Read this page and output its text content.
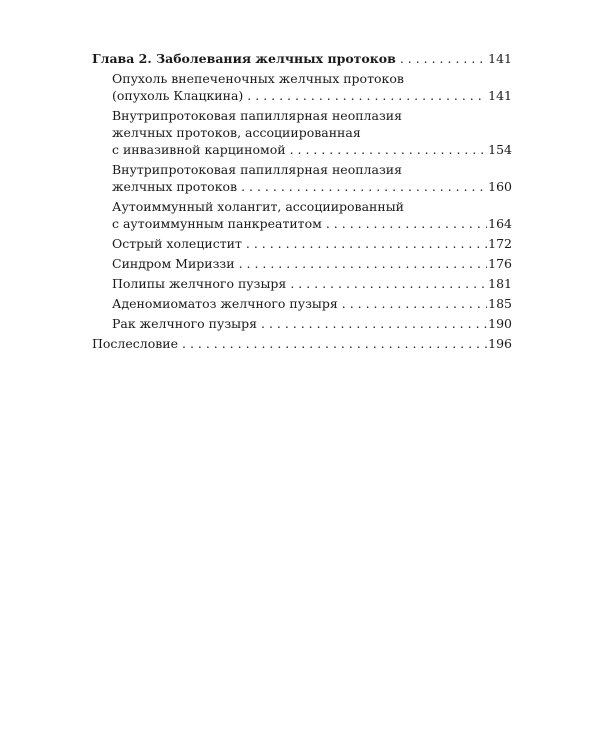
Глава 2. Заболевания желчных протоков . . .	141
Опухоль внепеченочных желчных протоков
(опухоль Клацкина) . . .	141
Внутрипротоковая папиллярная неоплазия
желчных протоков, ассоциированная
с инвазивной карциномой . . .	154
Внутрипротоковая папиллярная неоплазия
желчных протоков . . .	160
Аутоиммунный холангит, ассоциированный
с аутоиммунным панкреатитом . . .	164
Острый холецистит . . .	172
Синдром Мириззи . . .	176
Полипы желчного пузыря . . .	181
Аденомиоматоз желчного пузыря . . .	185
Рак желчного пузыря . . .	190
Послесловие . . .	196
